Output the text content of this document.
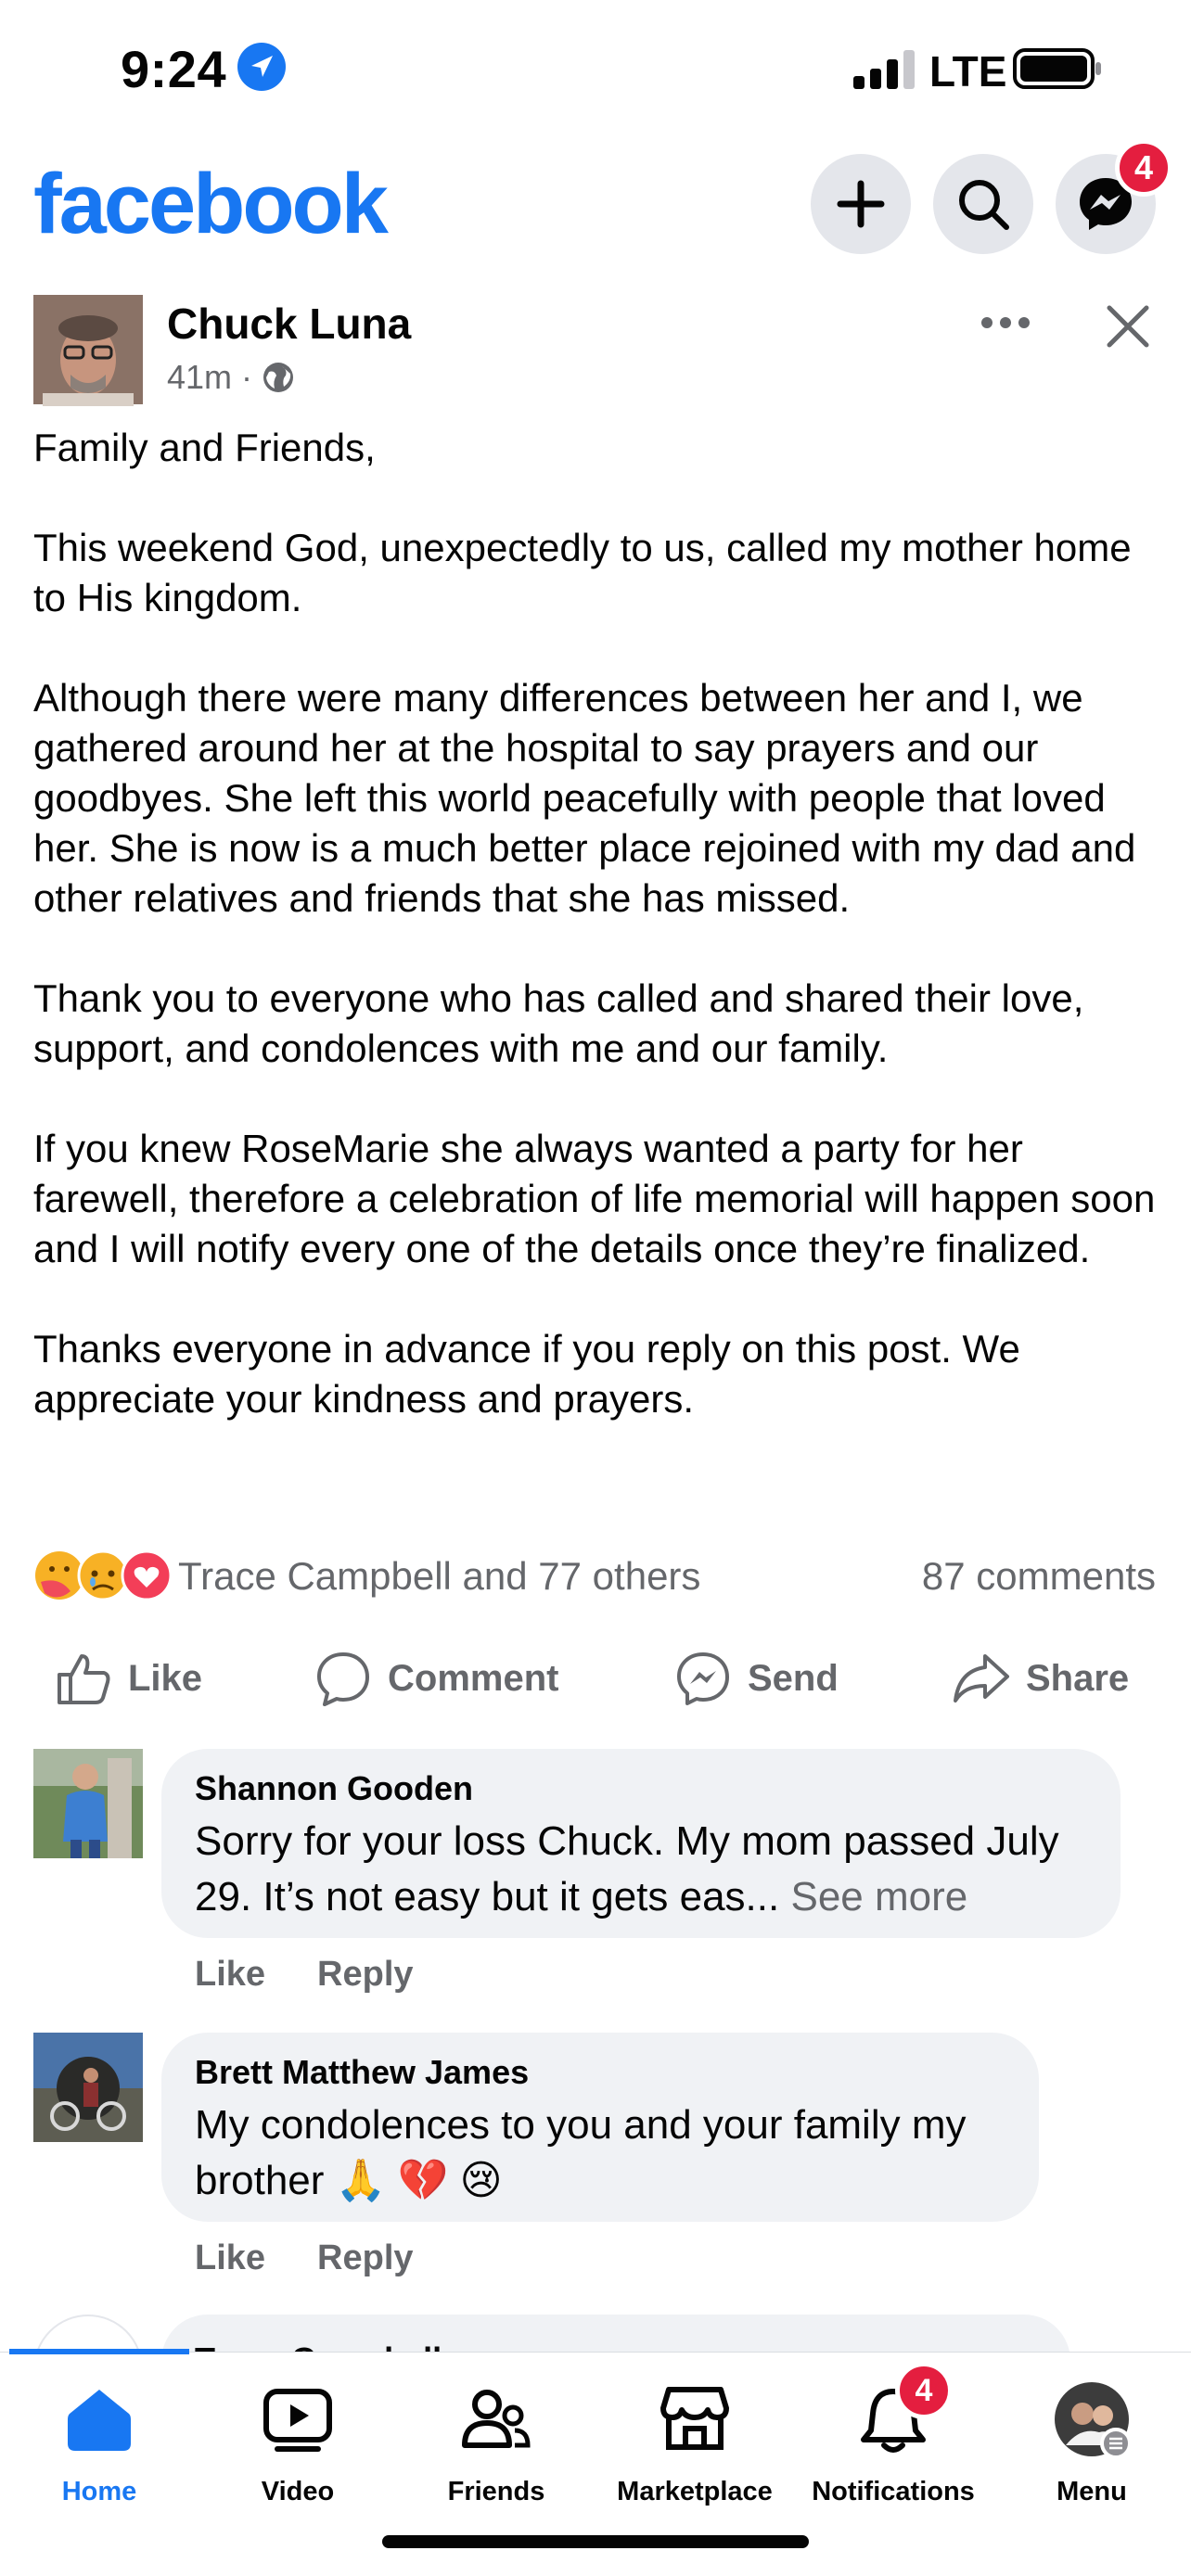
9:24	LTE
facebook	4
Chuck Luna
41m ·

Family and Friends,

This weekend God, unexpectedly to us, called my mother home to His kingdom.

Although there were many differences between her and I, we gathered around her at the hospital to say prayers and our goodbyes. She left this world peacefully with people that loved her. She is now is a much better place rejoined with my dad and other relatives and friends that she has missed.

Thank you to everyone who has called and shared their love, support, and condolences with me and our family.

If you knew RoseMarie she always wanted a party for her farewell, therefore a celebration of life memorial will happen soon and I will notify every one of the details once they’re finalized.

Thanks everyone in advance if you reply on this post. We appreciate your kindness and prayers.

Trace Campbell and 77 others	87 comments
Like	Comment	Send	Share
Shannon Gooden
Sorry for your loss Chuck. My mom passed July 29. It’s not easy but it gets eas... See more
Like Reply
Brett Matthew James
My condolences to you and your family my brother 🙏 💔 😢
Like Reply
Home	Video	Friends	Marketplace
4
Notifications	Menu
